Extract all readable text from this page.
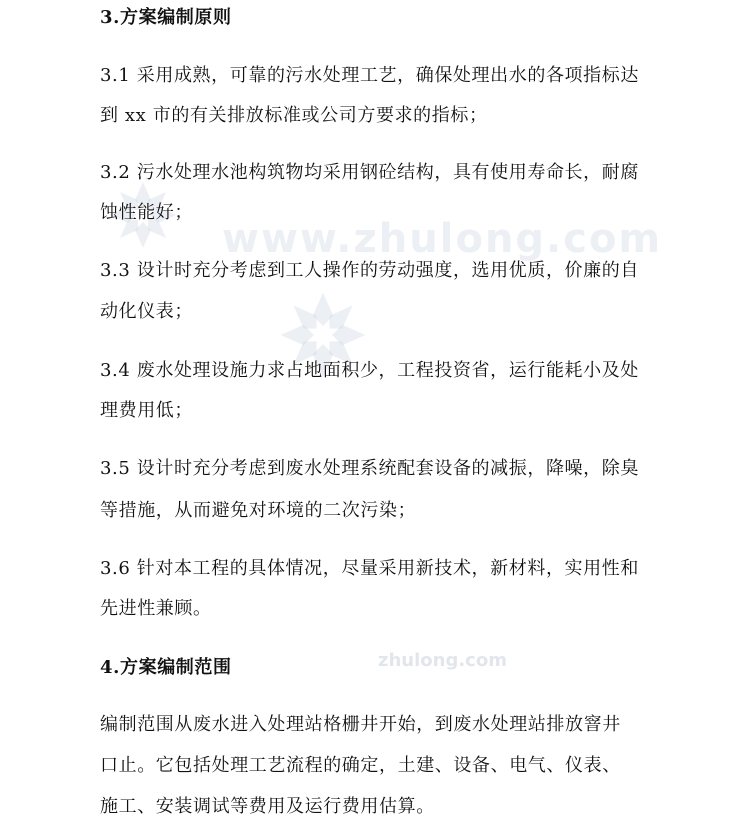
www.zhulong.com
zhulong.com
3.方案编制原则
3.1 采用成熟，可靠的污水处理工艺，确保处理出水的各项指标达
到 xx 市的有关排放标准或公司方要求的指标；
3.2 污水处理水池构筑物均采用钢砼结构，具有使用寿命长，耐腐
蚀性能好；
3.3 设计时充分考虑到工人操作的劳动强度，选用优质，价廉的自
动化仪表；
3.4 废水处理设施力求占地面积少，工程投资省，运行能耗小及处
理费用低；
3.5 设计时充分考虑到废水处理系统配套设备的减振，降噪，除臭
等措施，从而避免对环境的二次污染；
3.6 针对本工程的具体情况，尽量采用新技术，新材料，实用性和
先进性兼顾。
4.方案编制范围
编制范围从废水进入处理站格栅井开始，到废水处理站排放窨井
口止。它包括处理工艺流程的确定，土建、设备、电气、仪表、
施工、安装调试等费用及运行费用估算。
